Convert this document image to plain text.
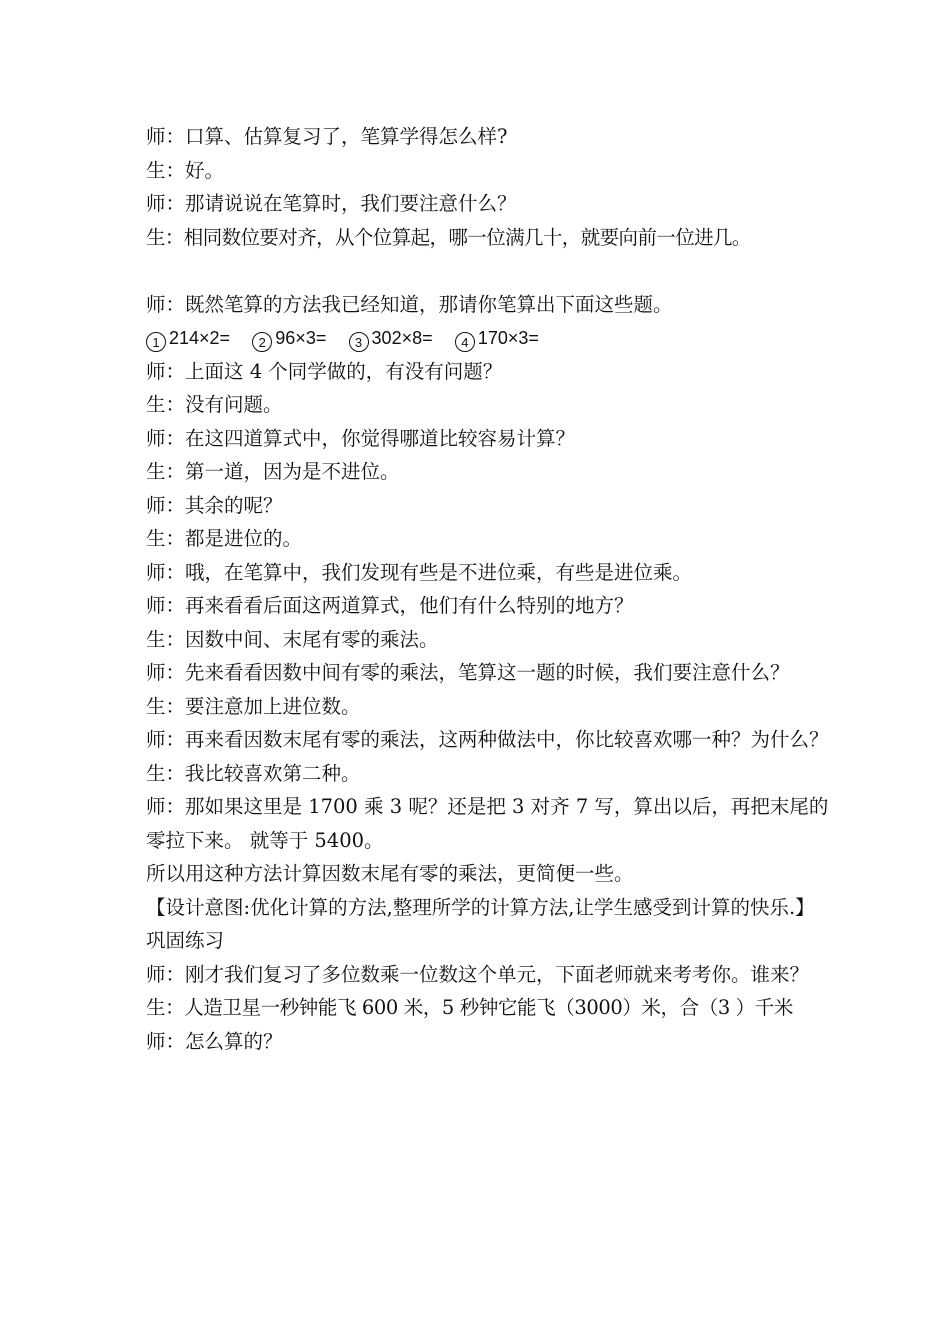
师：口算、估算复习了，笔算学得怎么样?

生：好。

师：那请说说在笔算时，我们要注意什么？

生：相同数位要对齐，从个位算起，哪一位满几十，就要向前一位进几。

师：既然笔算的方法我已经知道，那请你笔算出下面这些题。

1 214×2= 2 96×3= 3 302×8= 4 170×3=

师：上面这 4 个同学做的，有没有问题？

生：没有问题。

师：在这四道算式中，你觉得哪道比较容易计算？

生：第一道，因为是不进位。

师：其余的呢？

生：都是进位的。

师：哦，在笔算中，我们发现有些是不进位乘，有些是进位乘。

师：再来看看后面这两道算式，他们有什么特别的地方？

生：因数中间、末尾有零的乘法。

师：先来看看因数中间有零的乘法，笔算这一题的时候，我们要注意什么？

生：要注意加上进位数。

师：再来看因数末尾有零的乘法，这两种做法中，你比较喜欢哪一种？为什么？

生：我比较喜欢第二种。

师：那如果这里是 1700 乘 3 呢？还是把 3 对齐 7 写，算出以后，再把末尾的零拉下来。 就等于 5400。

所以用这种方法计算因数末尾有零的乘法，更简便一些。

【设计意图:优化计算的方法,整理所学的计算方法,让学生感受到计算的快乐.】

巩固练习

师：刚才我们复习了多位数乘一位数这个单元，下面老师就来考考你。谁来？

生：人造卫星一秒钟能飞 600 米，5 秒钟它能飞（3000）米，合（3 ）千米

师：怎么算的？
